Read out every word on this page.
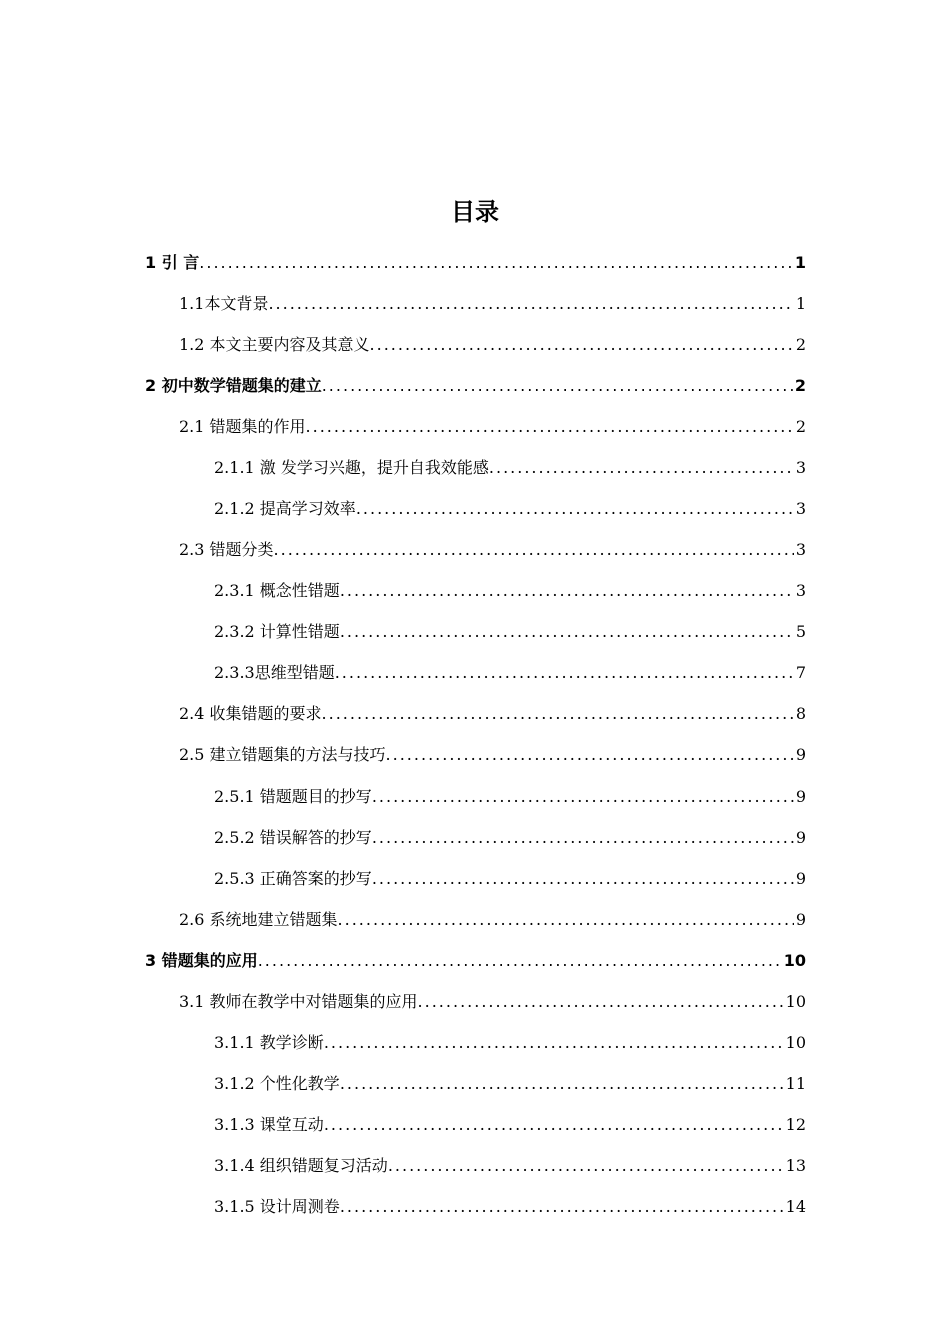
目录
1 引 言 .....	1
1.1本文背景 .....	1
1.2 本文主要内容及其意义 .....	2
2 初中数学错题集的建立 .....	2
2.1 错题集的作用 .....	2
2.1.1 激 发学习兴趣，提升自我效能感 .....	3
2.1.2 提高学习效率 .....	3
2.3 错题分类 .....	3
2.3.1 概念性错题 .....	3
2.3.2 计算性错题 .....	5
2.3.3思维型错题 .....	7
2.4 收集错题的要求 .....	8
2.5 建立错题集的方法与技巧 .....	9
2.5.1 错题题目的抄写 .....	9
2.5.2 错误解答的抄写 .....	9
2.5.3 正确答案的抄写 .....	9
2.6 系统地建立错题集 .....	9
3 错题集的应用 .....	10
3.1 教师在教学中对错题集的应用 .....	10
3.1.1 教学诊断 .....	10
3.1.2 个性化教学 .....	11
3.1.3 课堂互动 .....	12
3.1.4 组织错题复习活动 .....	13
3.1.5 设计周测卷 .....	14
